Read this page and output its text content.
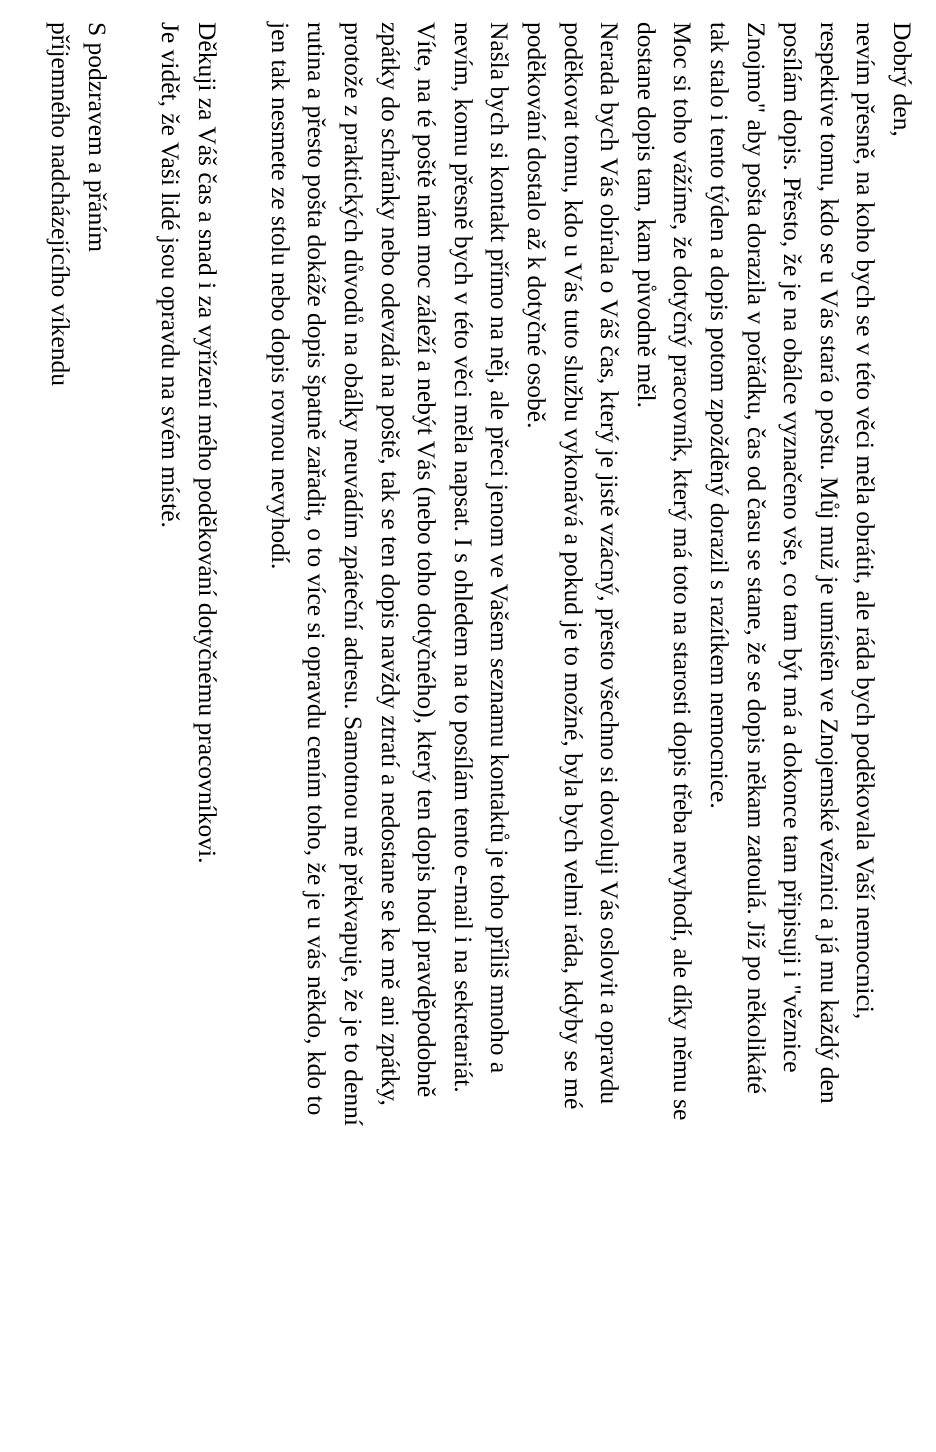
Dobrý den,
nevím přesně, na koho bych se v této věci měla obrátit, ale ráda bych poděkovala Vaší nemocnici,
respektive tomu, kdo se u Vás stará o poštu. Můj muž je umístěn ve Znojemské věznici a já mu každý den
posílám dopis. Přesto, že je na obálce vyznačeno vše, co tam být má a dokonce tam připisuji i "věznice
Znojmo" aby pošta dorazila v pořádku, čas od času se stane, že se dopis někam zatoulá. Již po několikáté
tak stalo i tento týden a dopis potom zpožděný dorazil s razítkem nemocnice.
Moc si toho vážíme, že dotyčný pracovník, který má toto na starosti dopis třeba nevyhodí, ale díky němu se
dostane dopis tam, kam původně měl.
Nerada bych Vás obírala o Váš čas, který je jistě vzácný, přesto všechno si dovoluji Vás oslovit a opravdu
poděkovat tomu, kdo u Vás tuto službu vykonává a pokud je to možné, byla bych velmi ráda, kdyby se mé
poděkování dostalo až k dotyčné osobě.
Našla bych si kontakt přímo na něj, ale přeci jenom ve Vašem seznamu kontaktů je toho příliš mnoho a
nevím, komu přesně bych v této věci měla napsat. I s ohledem na to posílám tento e-mail i na sekretariát.
Víte, na té poště nám moc záleží a nebýt Vás (nebo toho dotyčného), který ten dopis hodí pravděpodobně
zpátky do schránky nebo odevzdá na poště, tak se ten dopis navždy ztratí a nedostane se ke mě ani zpátky,
protože z praktických důvodů na obálky neuvádím zpáteční adresu. Samotnou mě překvapuje, že je to denní
rutina a přesto pošta dokáže dopis špatně zařadit, o to více si opravdu cením toho, že je u vás někdo, kdo to
jen tak nesmete ze stolu nebo dopis rovnou nevyhodí.
Děkuji za Váš čas a snad i za vyřízení mého poděkování dotyčnému pracovníkovi.
Je vidět, že Vaši lidé jsou opravdu na svém místě.
S podzravem a přáním
příjemného nadcházejícího víkendu
